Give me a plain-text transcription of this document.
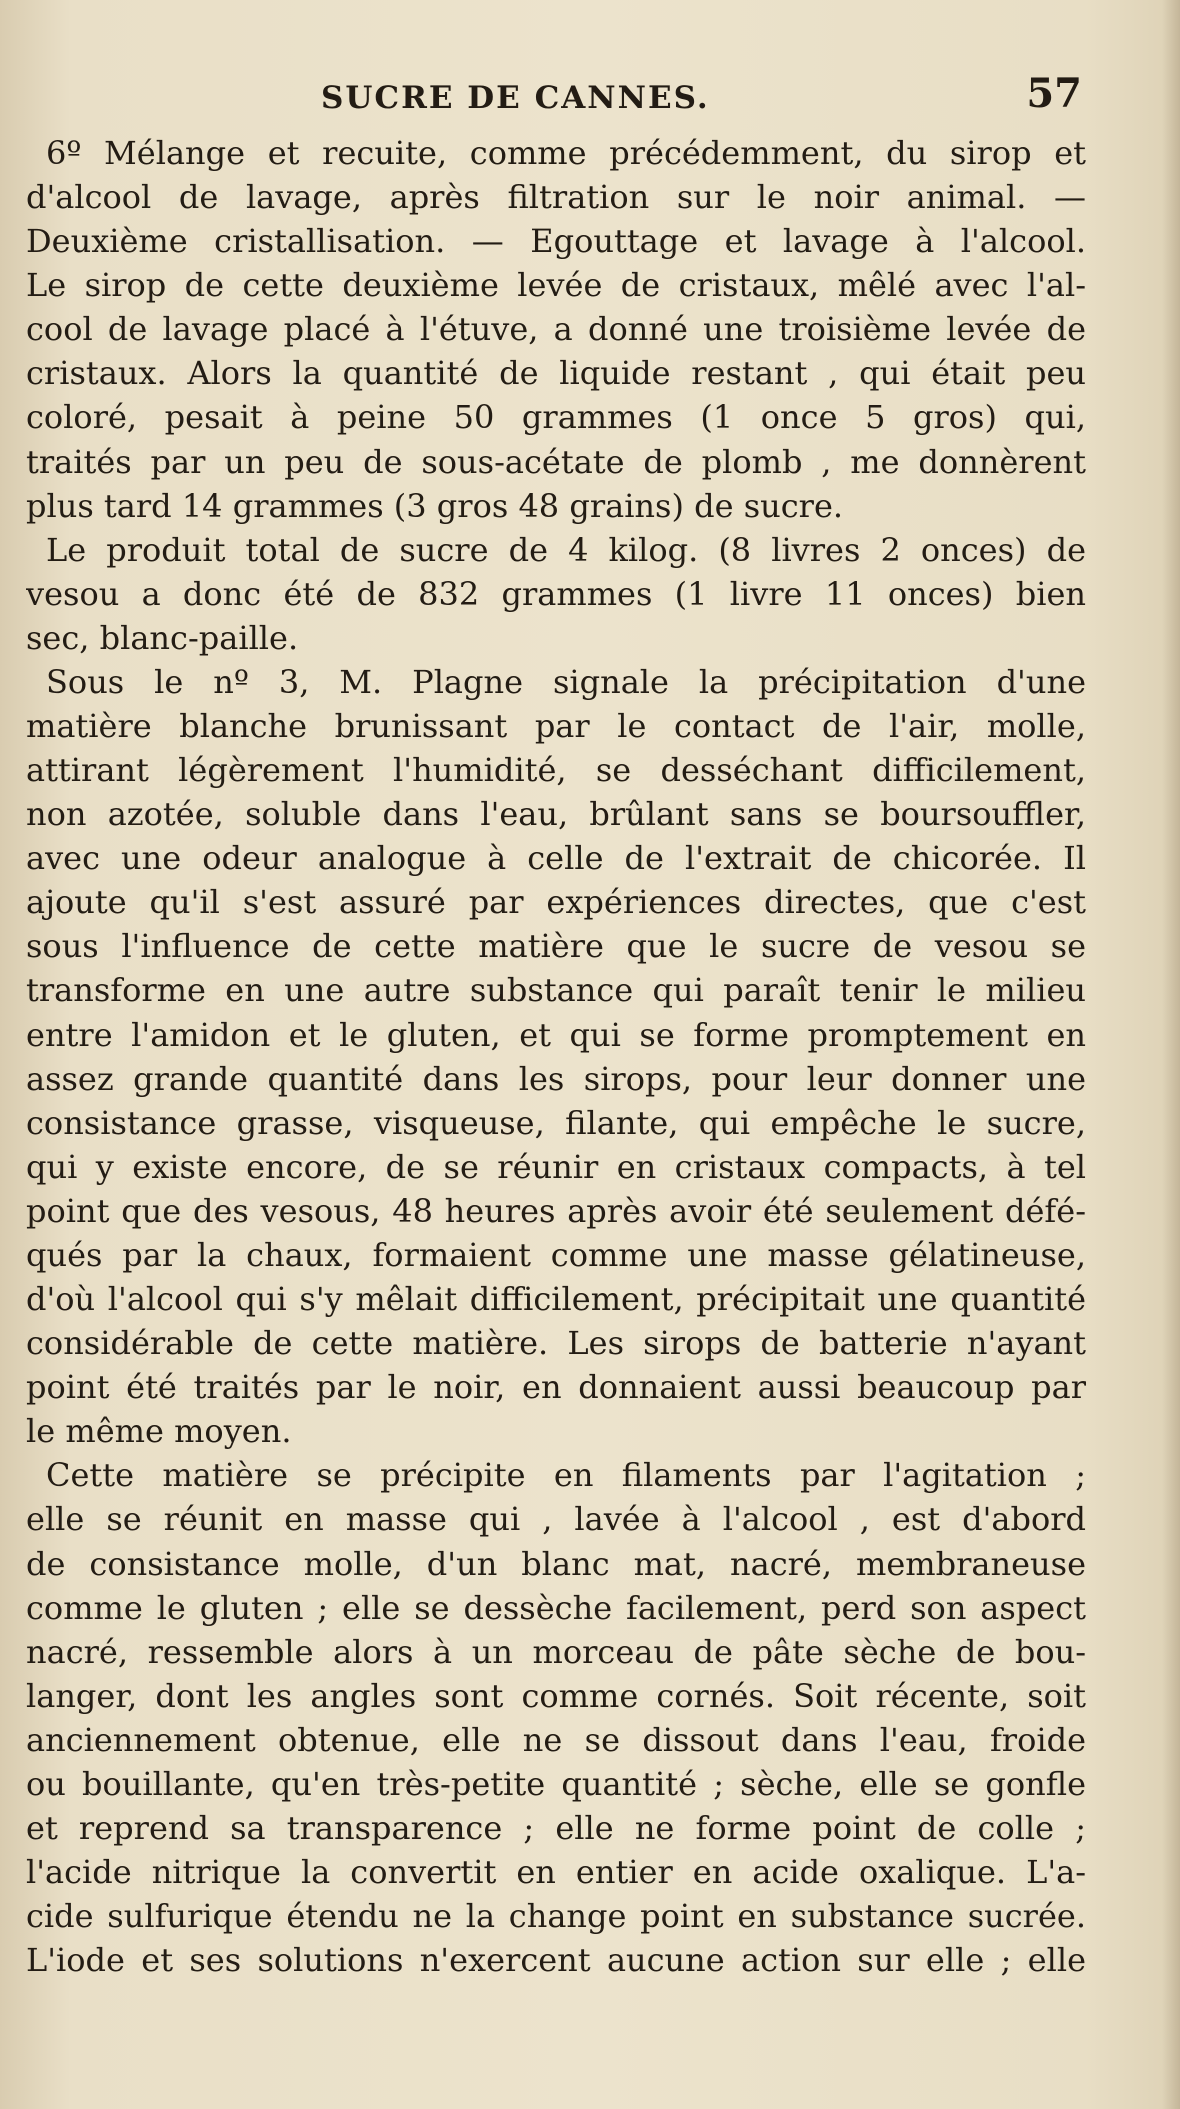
SUCRE DE CANNES.	57
6º Mélange et recuite, comme précédemment, du sirop et
d'alcool de lavage, après filtration sur le noir animal. —
Deuxième cristallisation. — Egouttage et lavage à l'alcool.
Le sirop de cette deuxième levée de cristaux, mêlé avec l'al-
cool de lavage placé à l'étuve, a donné une troisième levée de
cristaux. Alors la quantité de liquide restant , qui était peu
coloré, pesait à peine 50 grammes (1 once 5 gros) qui,
traités par un peu de sous-acétate de plomb , me donnèrent
plus tard 14 grammes (3 gros 48 grains) de sucre.
Le produit total de sucre de 4 kilog. (8 livres 2 onces) de
vesou a donc été de 832 grammes (1 livre 11 onces) bien
sec, blanc-paille.
Sous le nº 3, M. Plagne signale la précipitation d'une
matière blanche brunissant par le contact de l'air, molle,
attirant légèrement l'humidité, se desséchant difficilement,
non azotée, soluble dans l'eau, brûlant sans se boursouffler,
avec une odeur analogue à celle de l'extrait de chicorée. Il
ajoute qu'il s'est assuré par expériences directes, que c'est
sous l'influence de cette matière que le sucre de vesou se
transforme en une autre substance qui paraît tenir le milieu
entre l'amidon et le gluten, et qui se forme promptement en
assez grande quantité dans les sirops, pour leur donner une
consistance grasse, visqueuse, filante, qui empêche le sucre,
qui y existe encore, de se réunir en cristaux compacts, à tel
point que des vesous, 48 heures après avoir été seulement défé-
qués par la chaux, formaient comme une masse gélatineuse,
d'où l'alcool qui s'y mêlait difficilement, précipitait une quantité
considérable de cette matière. Les sirops de batterie n'ayant
point été traités par le noir, en donnaient aussi beaucoup par
le même moyen.
Cette matière se précipite en filaments par l'agitation ;
elle se réunit en masse qui , lavée à l'alcool , est d'abord
de consistance molle, d'un blanc mat, nacré, membraneuse
comme le gluten ; elle se dessèche facilement, perd son aspect
nacré, ressemble alors à un morceau de pâte sèche de bou-
langer, dont les angles sont comme cornés. Soit récente, soit
anciennement obtenue, elle ne se dissout dans l'eau, froide
ou bouillante, qu'en très-petite quantité ; sèche, elle se gonfle
et reprend sa transparence ; elle ne forme point de colle ;
l'acide nitrique la convertit en entier en acide oxalique. L'a-
cide sulfurique étendu ne la change point en substance sucrée.
L'iode et ses solutions n'exercent aucune action sur elle ; elle
